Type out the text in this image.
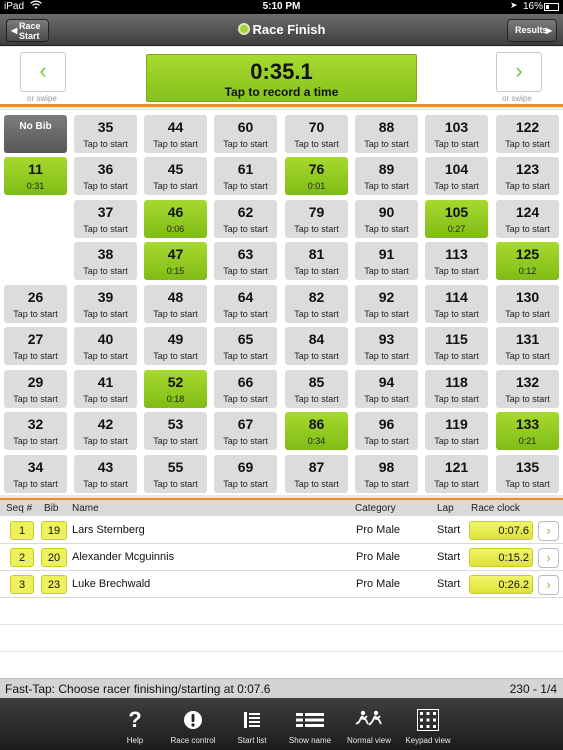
iPad	5:10 PM	➤ 16%
◀ Race
Start	Race Finish	Results
▶
‹
or swipe
0:35.1
Tap to record a time
›
or swipe
No Bib	35
Tap to start
44
Tap to start
60
Tap to start
70
Tap to start
88
Tap to start
103
Tap to start
122
Tap to start
11
0:31
36
Tap to start
45
Tap to start
61
Tap to start
76
0:01
89
Tap to start
104
Tap to start
123
Tap to start
37
Tap to start
46
0:06
62
Tap to start
79
Tap to start
90
Tap to start
105
0:27
124
Tap to start
38
Tap to start
47
0:15
63
Tap to start
81
Tap to start
91
Tap to start
113
Tap to start
125
0:12
26
Tap to start
39
Tap to start
48
Tap to start
64
Tap to start
82
Tap to start
92
Tap to start
114
Tap to start
130
Tap to start
27
Tap to start
40
Tap to start
49
Tap to start
65
Tap to start
84
Tap to start
93
Tap to start
115
Tap to start
131
Tap to start
29
Tap to start
41
Tap to start
52
0:18
66
Tap to start
85
Tap to start
94
Tap to start
118
Tap to start
132
Tap to start
32
Tap to start
42
Tap to start
53
Tap to start
67
Tap to start
86
0:34
96
Tap to start
119
Tap to start
133
0:21
34
Tap to start
43
Tap to start
55
Tap to start
69
Tap to start
87
Tap to start
98
Tap to start
121
Tap to start
135
Tap to start
Seq # Bib Name	Category	Lap Race clock
1	19	Lars Sternberg	Pro Male	Start	0:07.6	›
2	20	Alexander Mcguinnis	Pro Male	Start	0:15.2	›
3	23	Luke Brechwald	Pro Male	Start	0:26.2	›
Fast-Tap: Choose racer finishing/starting at 0:07.6	230 - 1/4
?
Help	Race control	Start list	Show name	Normal view	Keypad view
